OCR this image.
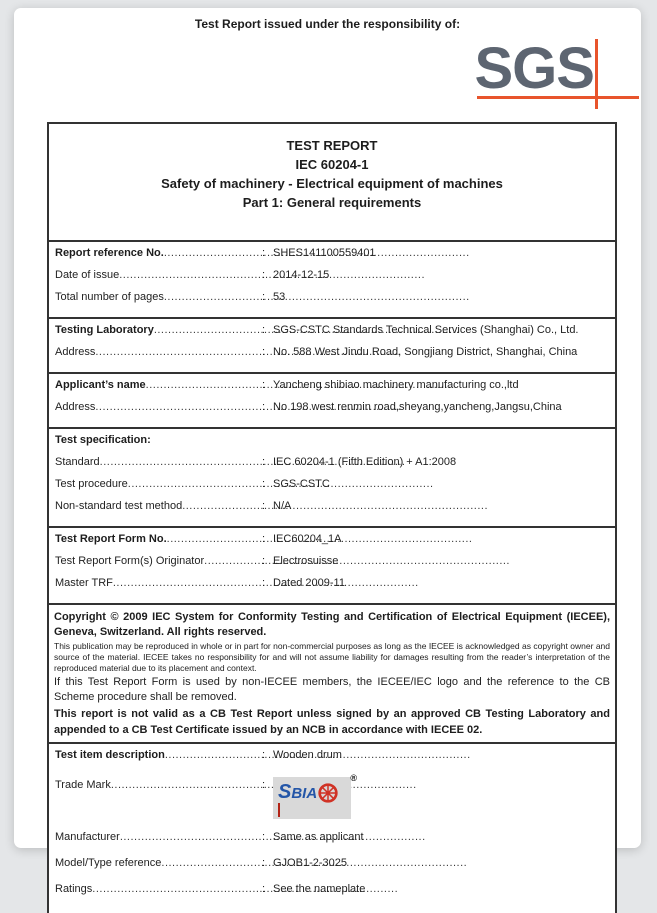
Test Report issued under the responsibility of:
SGS
TEST REPORT
IEC 60204-1
Safety of machinery - Electrical equipment of machines
Part 1: General requirements
Report reference No.
.....
:	SHES141100559401
Date of issue
.....
:	2014-12-15
Total number of pages
.....
:	53
Testing Laboratory
.....
:	SGS-CSTC Standards Technical Services (Shanghai) Co., Ltd.
Address
.....
:	No. 588 West Jindu Road, Songjiang District, Shanghai, China
Applicant’s name
.....
:	Yancheng shibiao machinery manufacturing co.,ltd
Address
.....
:	No 198 west renmin road,sheyang,yancheng,Jangsu,China
Test specification:
Standard
.....
:	IEC 60204-1 (Fifth Edition) + A1:2008
Test procedure
.....
:	SGS-CSTC
Non-standard test method
.....
:	N/A
Test Report Form No.
.....
:	IEC60204_1A
Test Report Form(s) Originator
.....
:	Electrosuisse
Master TRF
.....
:	Dated 2009-11

Copyright © 2009 IEC System for Conformity Testing and Certification of Electrical Equipment (IECEE), Geneva, Switzerland. All rights reserved.

This publication may be reproduced in whole or in part for non-commercial purposes as long as the IECEE is acknowledged as copyright owner and source of the material. IECEE takes no responsibility for and will not assume liability for damages resulting from the reader’s interpretation of the reproduced material due to its placement and context.

If this Test Report Form is used by non-IECEE members, the IECEE/IEC logo and the reference to the CB Scheme procedure shall be removed.

This report is not valid as a CB Test Report unless signed by an approved CB Testing Laboratory and appended to a CB Test Certificate issued by an NCB in accordance with IECEE 02.

Test item description
.....
:	Wooden drum
Trade Mark
.....
:	SBIA
®
Manufacturer
.....
:	Same as applicant
Model/Type reference
.....
:	GJOB1-2-3025
Ratings
.....
:	See the nameplate
